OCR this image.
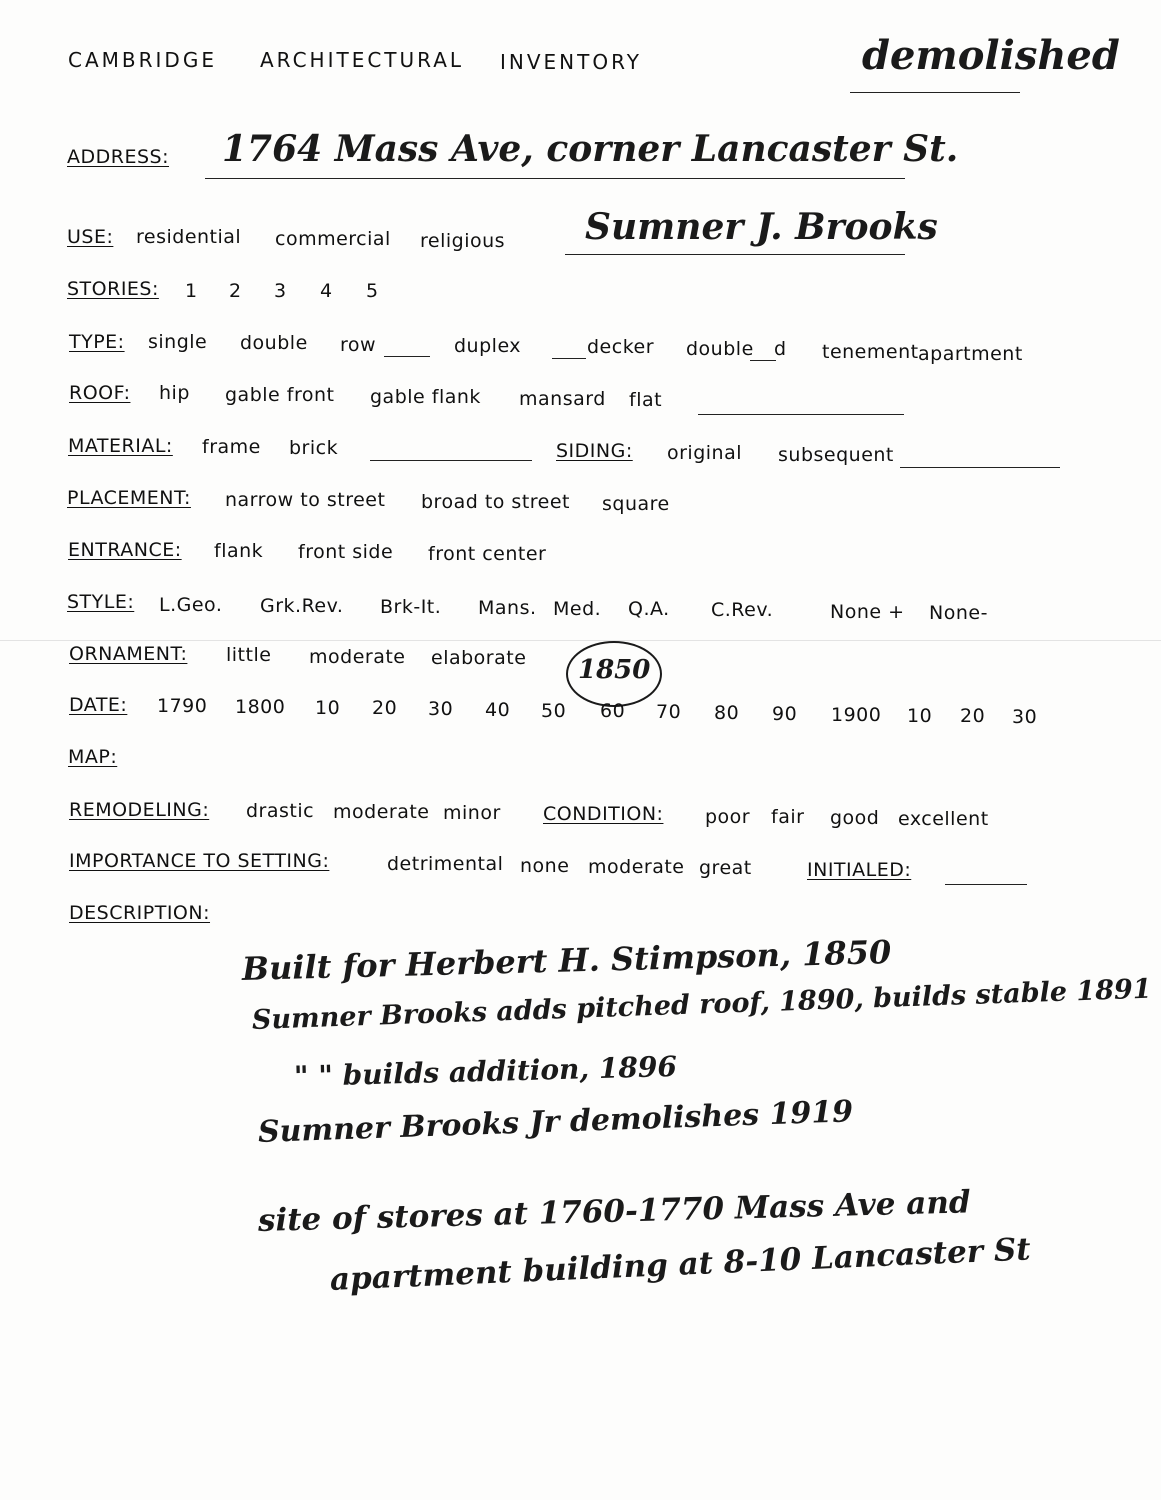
CAMBRIDGE ARCHITECTURAL INVENTORY	demolished
ADDRESS: 1764 Mass Ave, corner Lancaster St.
USE: residential commercial religious Sumner J. Brooks
STORIES: 1 2 3 4 5
TYPE: single double row	duplex	decker double d tenement apartment
ROOF: hip gable front gable flank mansard flat
MATERIAL: frame brick	SIDING: original subsequent
PLACEMENT: narrow to street broad to street square
ENTRANCE: flank front side front center
STYLE: L.Geo. Grk.Rev. Brk-It. Mans. Med. Q.A. C.Rev.	None + None-
ORNAMENT: little moderate elaborate 1850
DATE: 1790 1800 10 20 30 40 50 60 70 80 90 1900 10 20 30
MAP:
REMODELING: drastic moderate minor CONDITION: poor fair good excellent
IMPORTANCE TO SETTING:	detrimental none moderate great	INITIALED:
DESCRIPTION:
Built for Herbert H. Stimpson, 1850
Sumner Brooks adds pitched roof, 1890, builds stable 1891
" " builds addition, 1896
Sumner Brooks Jr demolishes 1919
site of stores at 1760-1770 Mass Ave and
apartment building at 8-10 Lancaster St
